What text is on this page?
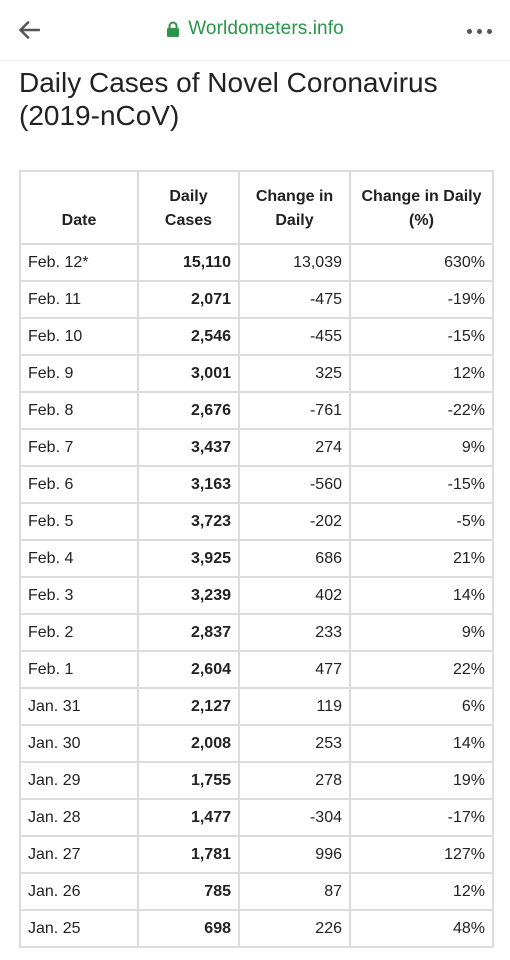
Worldometers.info
Daily Cases of Novel Coronavirus (2019-nCoV)
Date	Daily Cases	Change in Daily	Change in Daily (%)
Feb. 12*	15,110	13,039	630%
Feb. 11	2,071	-475	-19%
Feb. 10	2,546	-455	-15%
Feb. 9	3,001	325	12%
Feb. 8	2,676	-761	-22%
Feb. 7	3,437	274	9%
Feb. 6	3,163	-560	-15%
Feb. 5	3,723	-202	-5%
Feb. 4	3,925	686	21%
Feb. 3	3,239	402	14%
Feb. 2	2,837	233	9%
Feb. 1	2,604	477	22%
Jan. 31	2,127	119	6%
Jan. 30	2,008	253	14%
Jan. 29	1,755	278	19%
Jan. 28	1,477	-304	-17%
Jan. 27	1,781	996	127%
Jan. 26	785	87	12%
Jan. 25	698	226	48%
